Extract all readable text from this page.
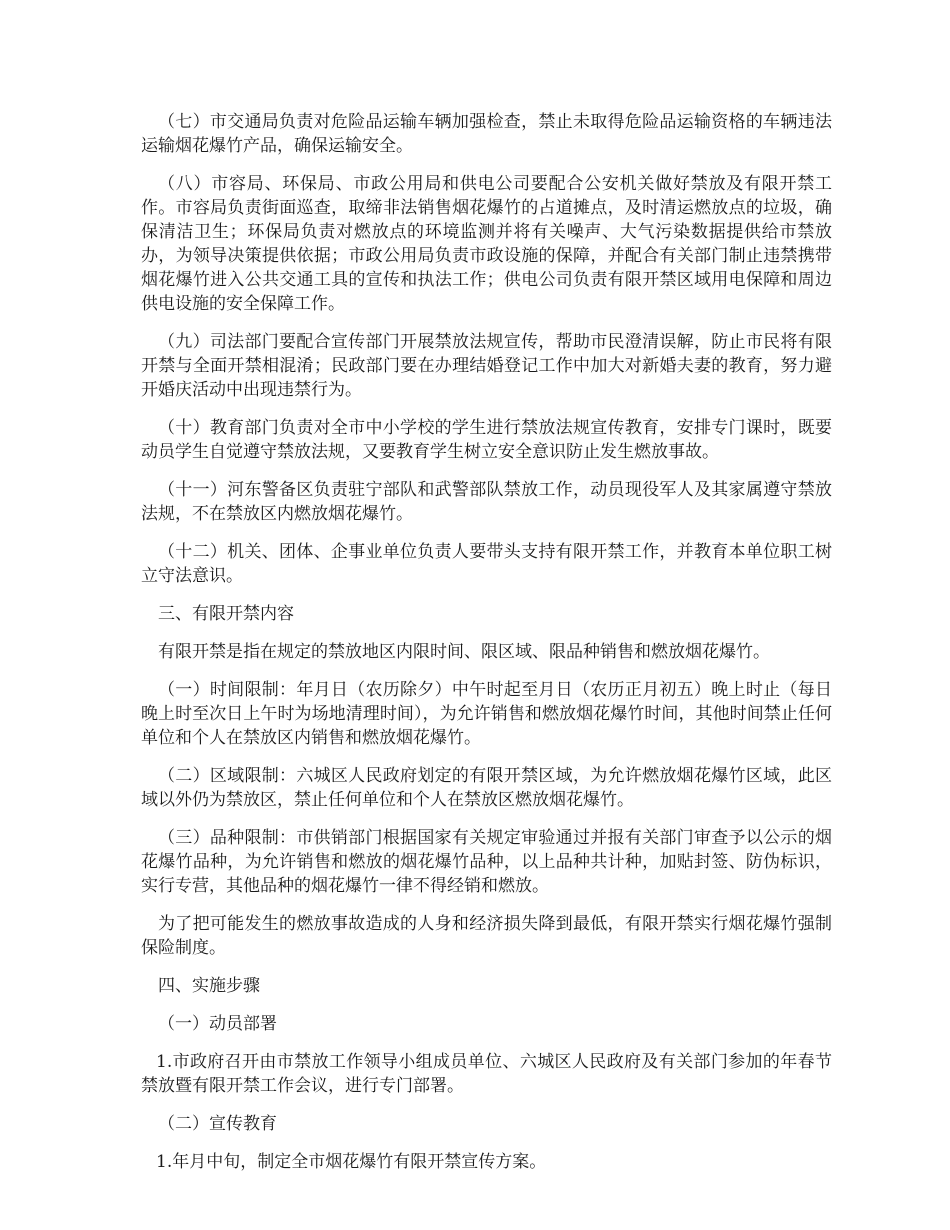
（七）市交通局负责对危险品运输车辆加强检查，禁止未取得危险品运输资格的车辆违法运输烟花爆竹产品，确保运输安全。

（八）市容局、环保局、市政公用局和供电公司要配合公安机关做好禁放及有限开禁工作。市容局负责街面巡查，取缔非法销售烟花爆竹的占道摊点，及时清运燃放点的垃圾，确保清洁卫生；环保局负责对燃放点的环境监测并将有关噪声、大气污染数据提供给市禁放办，为领导决策提供依据；市政公用局负责市政设施的保障，并配合有关部门制止违禁携带烟花爆竹进入公共交通工具的宣传和执法工作；供电公司负责有限开禁区域用电保障和周边供电设施的安全保障工作。

（九）司法部门要配合宣传部门开展禁放法规宣传，帮助市民澄清误解，防止市民将有限开禁与全面开禁相混淆；民政部门要在办理结婚登记工作中加大对新婚夫妻的教育，努力避开婚庆活动中出现违禁行为。

（十）教育部门负责对全市中小学校的学生进行禁放法规宣传教育，安排专门课时，既要动员学生自觉遵守禁放法规，又要教育学生树立安全意识防止发生燃放事故。

（十一）河东警备区负责驻宁部队和武警部队禁放工作，动员现役军人及其家属遵守禁放法规，不在禁放区内燃放烟花爆竹。

（十二）机关、团体、企事业单位负责人要带头支持有限开禁工作，并教育本单位职工树立守法意识。

三、有限开禁内容

有限开禁是指在规定的禁放地区内限时间、限区域、限品种销售和燃放烟花爆竹。

（一）时间限制：年月日（农历除夕）中午时起至月日（农历正月初五）晚上时止（每日晚上时至次日上午时为场地清理时间），为允许销售和燃放烟花爆竹时间，其他时间禁止任何单位和个人在禁放区内销售和燃放烟花爆竹。

（二）区域限制：六城区人民政府划定的有限开禁区域，为允许燃放烟花爆竹区域，此区域以外仍为禁放区，禁止任何单位和个人在禁放区燃放烟花爆竹。

（三）品种限制：市供销部门根据国家有关规定审验通过并报有关部门审查予以公示的烟花爆竹品种，为允许销售和燃放的烟花爆竹品种，以上品种共计种，加贴封签、防伪标识，实行专营，其他品种的烟花爆竹一律不得经销和燃放。

为了把可能发生的燃放事故造成的人身和经济损失降到最低，有限开禁实行烟花爆竹强制保险制度。

四、实施步骤

（一）动员部署

1.市政府召开由市禁放工作领导小组成员单位、六城区人民政府及有关部门参加的年春节禁放暨有限开禁工作会议，进行专门部署。

（二）宣传教育

1.年月中旬，制定全市烟花爆竹有限开禁宣传方案。
